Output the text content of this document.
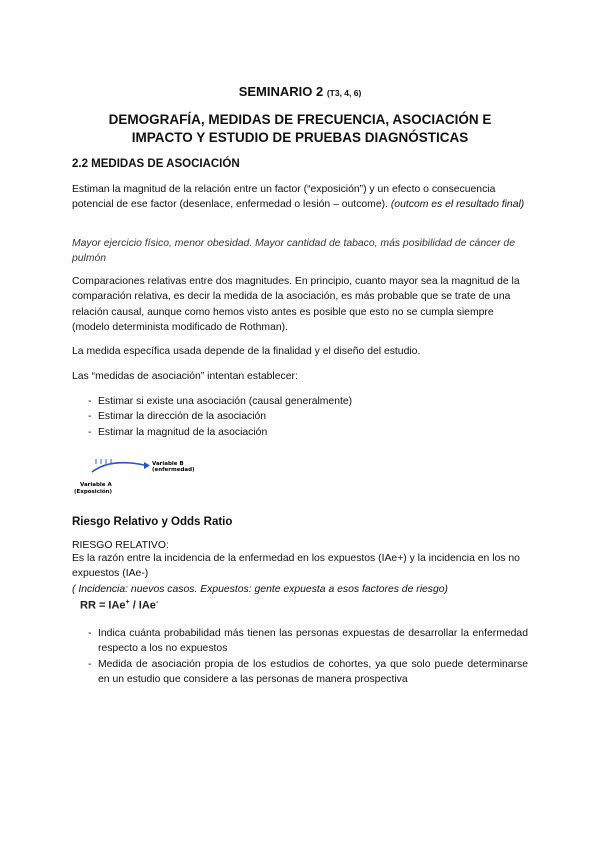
SEMINARIO 2 (T3, 4, 6)
DEMOGRAFÍA, MEDIDAS DE FRECUENCIA, ASOCIACIÓN E
IMPACTO Y ESTUDIO DE PRUEBAS DIAGNÓSTICAS
2.2 MEDIDAS DE ASOCIACIÓN
Estiman la magnitud de la relación entre un factor (“exposición”) y un efecto o consecuencia potencial de ese factor (desenlace, enfermedad o lesión – outcome). (outcom es el resultado final)
Mayor ejercicio físico, menor obesidad. Mayor cantidad de tabaco, más posibilidad de cáncer de pulmón
Comparaciones relativas entre dos magnitudes. En principio, cuanto mayor sea la magnitud de la comparación relativa, es decir la medida de la asociación, es más probable que se trate de una relación causal, aunque como hemos visto antes es posible que esto no se cumpla siempre (modelo determinista modificado de Rothman).
La medida específica usada depende de la finalidad y el diseño del estudio.
Las “medidas de asociación” intentan establecer:
- Estimar si existe una asociación (causal generalmente)
- Estimar la dirección de la asociación
- Estimar la magnitud de la asociación
Variable B
(enfermedad)
Variable A
(Exposición)
Riesgo Relativo y Odds Ratio
RIESGO RELATIVO:
Es la razón entre la incidencia de la enfermedad en los expuestos (IAe+) y la incidencia en los no expuestos (IAe-)
( Incidencia: nuevos casos. Expuestos: gente expuesta a esos factores de riesgo)
RR = IAe+ / IAe-
- Indica cuánta probabilidad más tienen las personas expuestas de desarrollar la enfermedad respecto a los no expuestos
- Medida de asociación propia de los estudios de cohortes, ya que solo puede determinarse en un estudio que considere a las personas de manera prospectiva
